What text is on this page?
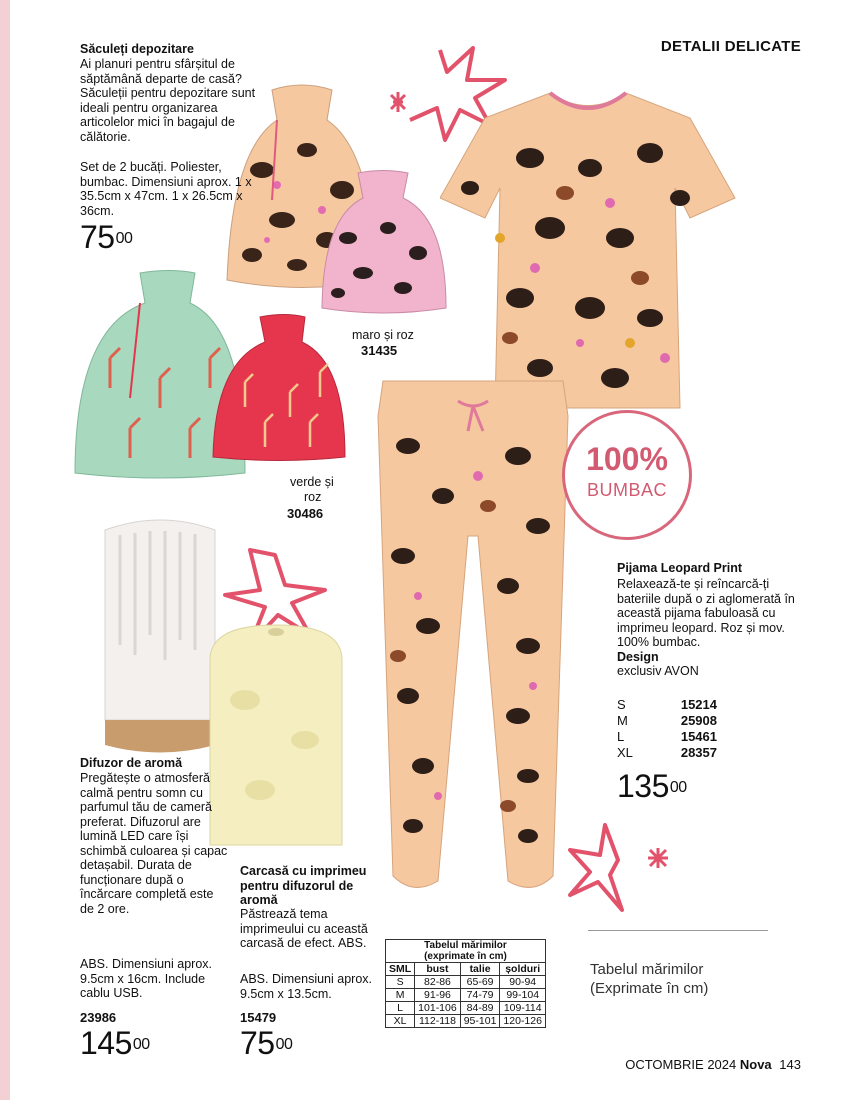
DETALII DELICATE
Săculeți depozitare
Ai planuri pentru sfârșitul de săptămână departe de casă? Săculeții pentru depozitare sunt ideali pentru organizarea articolelor mici în bagajul de călătorie.
Set de 2 bucăți. Poliester, bumbac. Dimensiuni aprox. 1 x 35.5cm x 47cm. 1 x 26.5cm x 36cm.
$75^{00}$
maro și roz
31435
verde și
roz
30486
100%
BUMBAC
Pijama Leopard Print
Relaxează-te și reîncarcă-ți bateriile după o zi aglomerată în această pijama fabuloasă cu imprimeu leopard. Roz și mov. 100% bumbac.
Design
exclusiv AVON
S	15214
M	25908
L	15461
XL	28357
$135^{00}$
Difuzor de aromă
Pregătește o atmosferă calmă pentru somn cu parfumul tău de cameră preferat. Difuzorul are lumină LED care își schimbă culoarea și capac detașabil. Durata de funcționare după o încărcare completă este de 2 ore.
ABS. Dimensiuni aprox. 9.5cm x 16cm. Include cablu USB.
23986
$145^{00}$
Carcasă cu imprimeu pentru difuzorul de aromă
Păstrează tema imprimeului cu această carcasă de efect. ABS.
ABS. Dimensiuni aprox. 9.5cm x 13.5cm.
15479
$75^{00}$
Tabelul mărimilor
(exprimate în cm)
SML	bust	talie	șolduri
S	82-86	65-69	90-94
M	91-96	74-79	99-104
L	101-106	84-89	109-114
XL	112-118	95-101	120-126
Tabelul mărimilor
(Exprimate în cm)
OCTOMBRIE 2024 Nova 143
